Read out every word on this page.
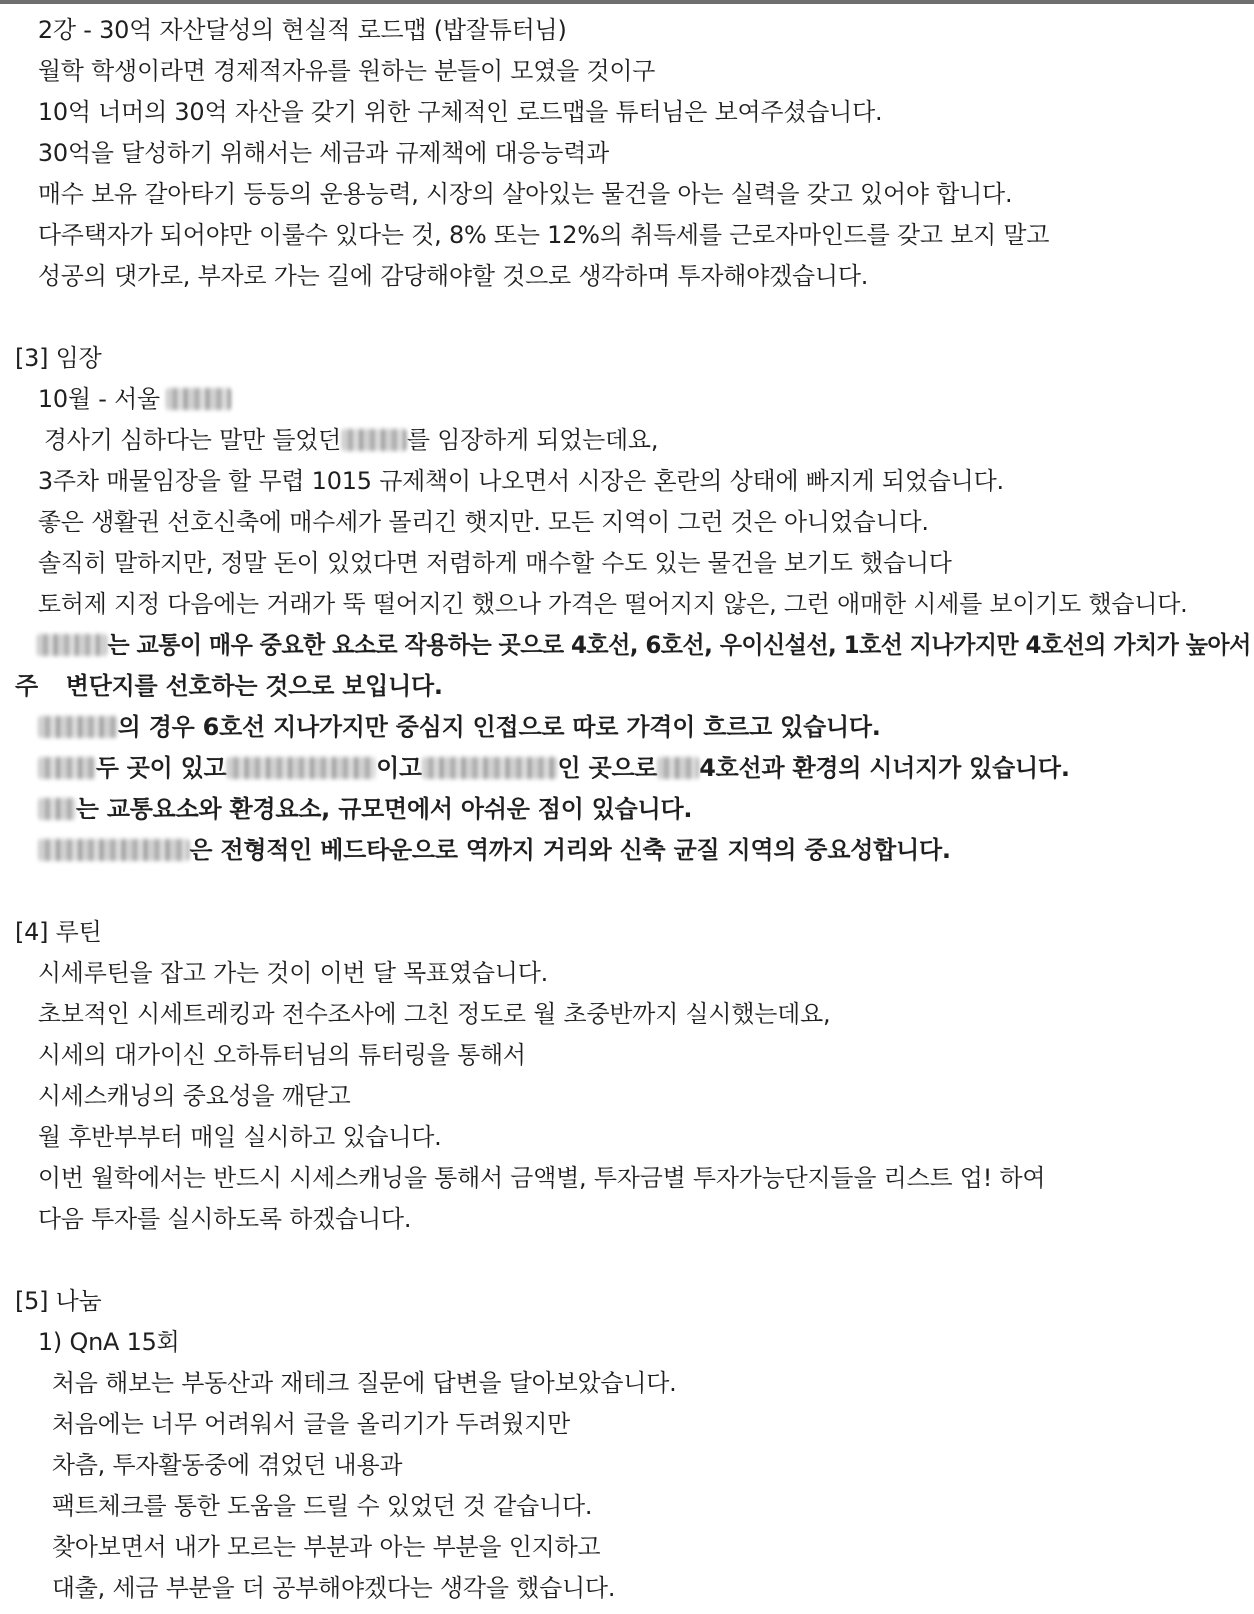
2강 - 30억 자산달성의 현실적 로드맵 (밥잘튜터님)
월학 학생이라면 경제적자유를 원하는 분들이 모였을 것이구
10억 너머의 30억 자산을 갖기 위한 구체적인 로드맵을 튜터님은 보여주셨습니다.
30억을 달성하기 위해서는 세금과 규제책에 대응능력과
매수 보유 갈아타기 등등의 운용능력, 시장의 살아있는 물건을 아는 실력을 갖고 있어야 합니다.
다주택자가 되어야만 이룰수 있다는 것, 8% 또는 12%의 취득세를 근로자마인드를 갖고 보지 말고
성공의 댓가로, 부자로 가는 길에 감당해야할 것으로 생각하며 투자해야겠습니다.
[3] 임장
10월 - 서울
경사기 심하다는 말만 들었던	를 임장하게 되었는데요,
3주차 매물임장을 할 무렵 1015 규제책이 나오면서 시장은 혼란의 상태에 빠지게 되었습니다.
좋은 생활권 선호신축에 매수세가 몰리긴 햇지만. 모든 지역이 그런 것은 아니었습니다.
솔직히 말하지만, 정말 돈이 있었다면 저렴하게 매수할 수도 있는 물건을 보기도 했습니다
토허제 지정 다음에는 거래가 뚝 떨어지긴 했으나 가격은 떨어지지 않은, 그런 애매한 시세를 보이기도 했습니다.
는 교통이 매우 중요한 요소로 작용하는 곳으로 4호선, 6호선, 우이신설선, 1호선 지나가지만 4호선의 가치가 높아서
주 변단지를 선호하는 것으로 보입니다.
의 경우 6호선 지나가지만 중심지 인접으로 따로 가격이 흐르고 있습니다.
두 곳이 있고	이고	인 곳으로4호선과 환경의 시너지가 있습니다.
는 교통요소와 환경요소, 규모면에서 아쉬운 점이 있습니다.
은 전형적인 베드타운으로 역까지 거리와 신축 균질 지역의 중요성합니다.
[4] 루틴
시세루틴을 잡고 가는 것이 이번 달 목표였습니다.
초보적인 시세트레킹과 전수조사에 그친 정도로 월 초중반까지 실시했는데요,
시세의 대가이신 오하튜터님의 튜터링을 통해서
시세스캐닝의 중요성을 깨닫고
월 후반부부터 매일 실시하고 있습니다.
이번 월학에서는 반드시 시세스캐닝을 통해서 금액별, 투자금별 투자가능단지들을 리스트 업! 하여
다음 투자를 실시하도록 하겠습니다.
[5] 나눔
1) QnA 15회
처음 해보는 부동산과 재테크 질문에 답변을 달아보았습니다.
처음에는 너무 어려워서 글을 올리기가 두려웠지만
차츰, 투자활동중에 겪었던 내용과
팩트체크를 통한 도움을 드릴 수 있었던 것 같습니다.
찾아보면서 내가 모르는 부분과 아는 부분을 인지하고
대출, 세금 부분을 더 공부해야겠다는 생각을 했습니다.
